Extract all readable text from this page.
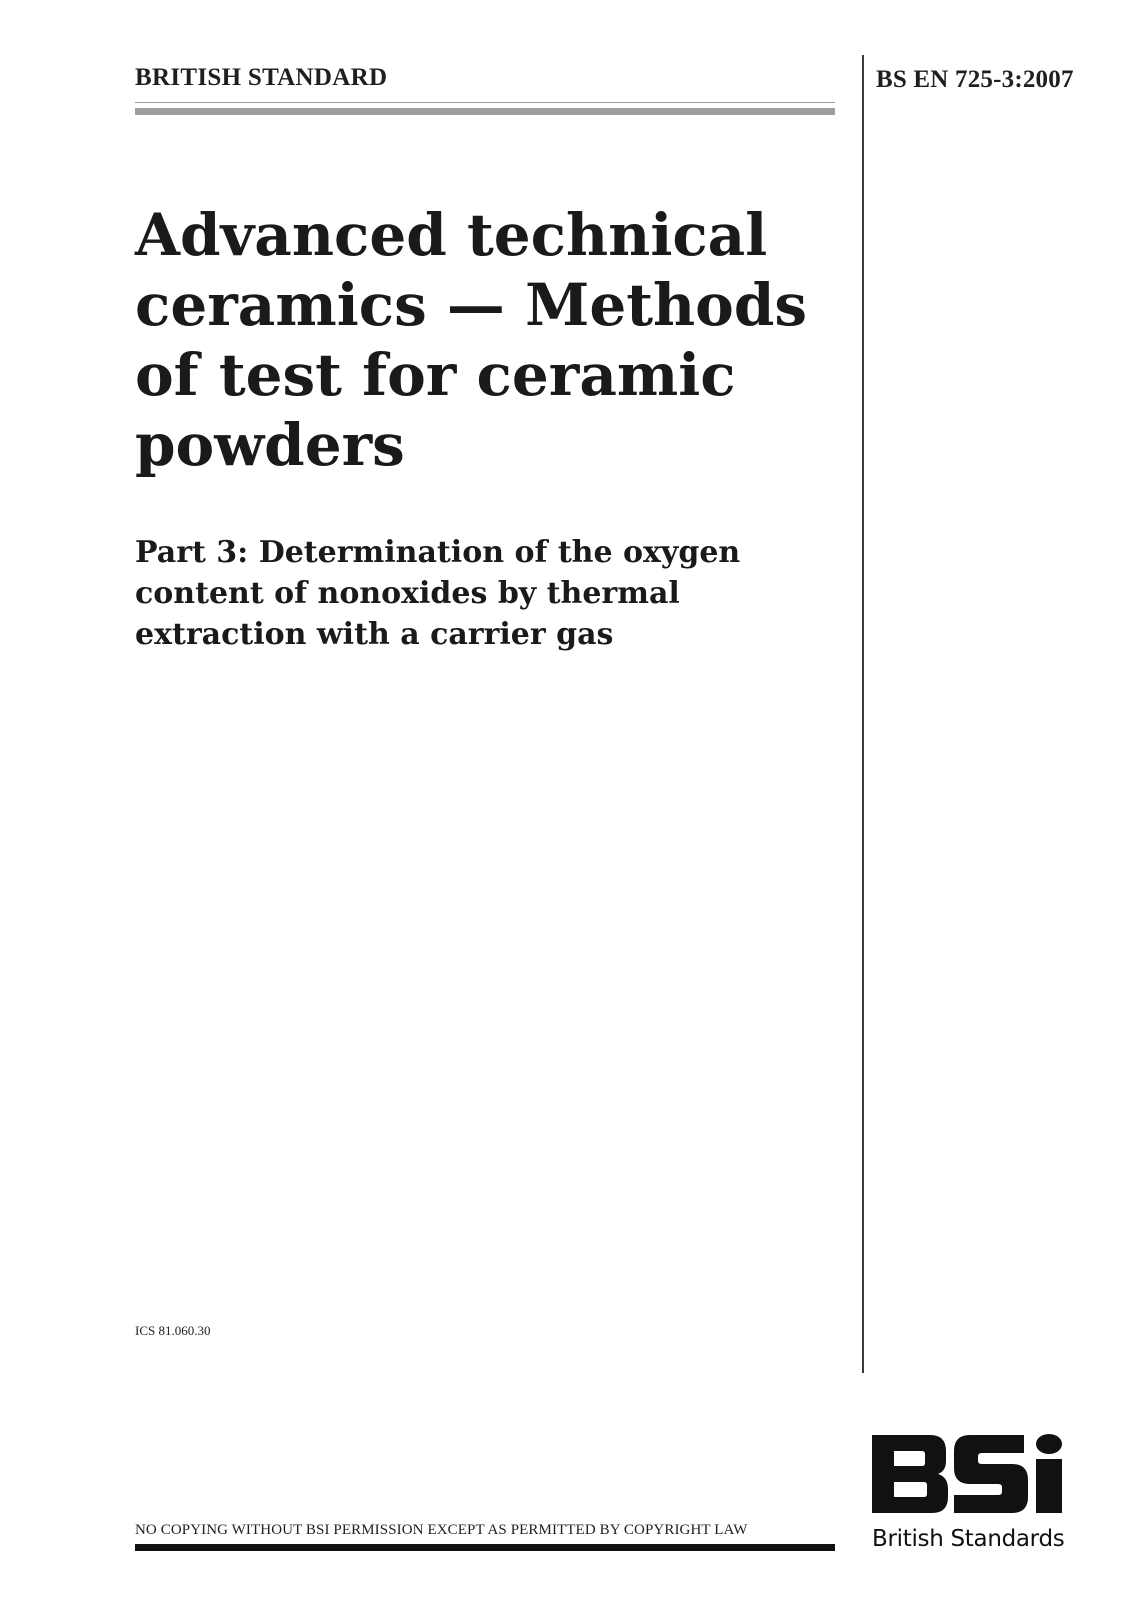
BRITISH STANDARD	BS EN 725-3:2007
Advanced technical
ceramics — Methods
of test for ceramic
powders
Part 3: Determination of the oxygen
content of nonoxides by thermal
extraction with a carrier gas
ICS 81.060.30
British Standards
NO COPYING WITHOUT BSI PERMISSION EXCEPT AS PERMITTED BY COPYRIGHT LAW
